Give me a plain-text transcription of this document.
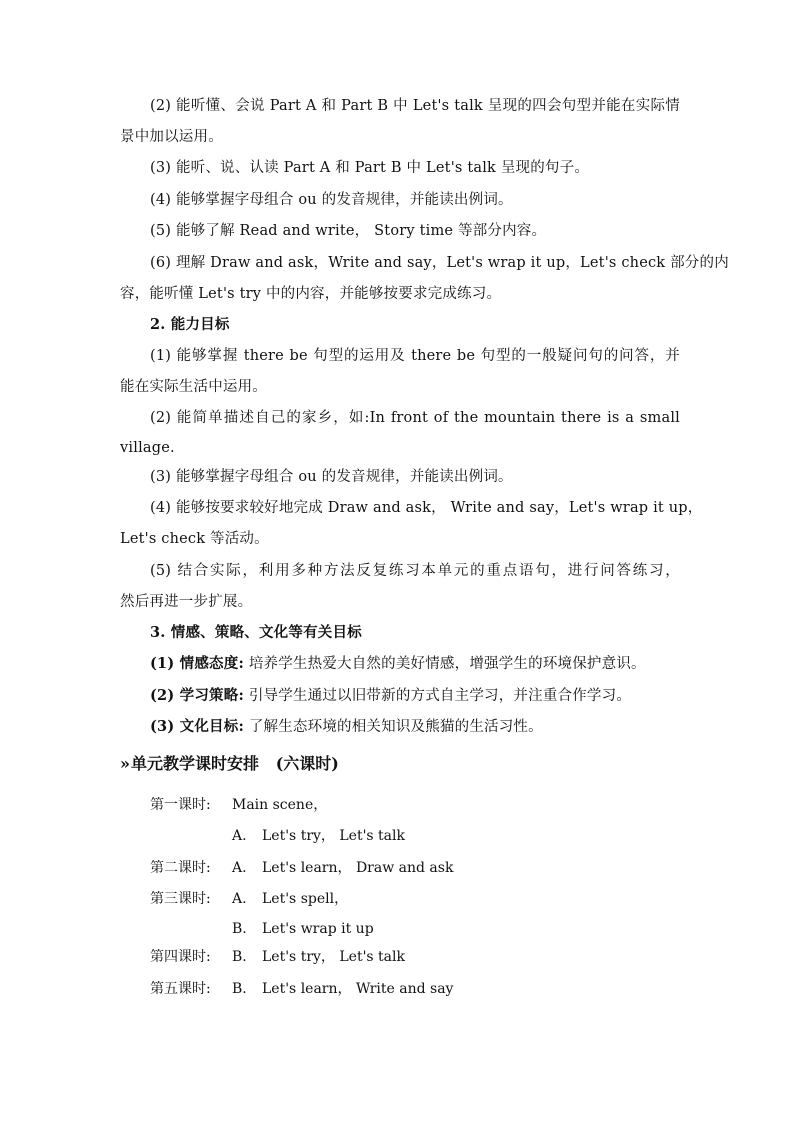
(2) 能听懂、会说 Part A 和 Part B 中 Let's talk 呈现的四会句型并能在实际情
景中加以运用。
(3) 能听、说、认读 Part A 和 Part B 中 Let's talk 呈现的句子。
(4) 能够掌握字母组合 ou 的发音规律，并能读出例词。
(5) 能够了解 Read and write， Story time 等部分内容。
(6) 理解 Draw and ask，Write and say，Let's wrap it up，Let's check 部分的内
容，能听懂 Let's try 中的内容，并能够按要求完成练习。
2. 能力目标
(1) 能够掌握 there be 句型的运用及 there be 句型的一般疑问句的问答，并
能在实际生活中运用。
(2) 能简单描述自己的家乡，如:In front of the mountain there is a small
village.
(3) 能够掌握字母组合 ou 的发音规律，并能读出例词。
(4) 能够按要求较好地完成 Draw and ask， Write and say，Let's wrap it up，
Let's check 等活动。
(5) 结合实际，利用多种方法反复练习本单元的重点语句，进行问答练习，
然后再进一步扩展。
3. 情感、策略、文化等有关目标
(1) 情感态度: 培养学生热爱大自然的美好情感，增强学生的环境保护意识。
(2) 学习策略: 引导学生通过以旧带新的方式自主学习，并注重合作学习。
(3) 文化目标: 了解生态环境的相关知识及熊猫的生活习性。
» 单元教学课时安排 (六课时)
第一课时: Main scene，
A. Let's try， Let's talk
第二课时: A. Let's learn， Draw and ask
第三课时: A. Let's spell，
B. Let's wrap it up
第四课时: B. Let's try， Let's talk
第五课时: B. Let's learn， Write and say
